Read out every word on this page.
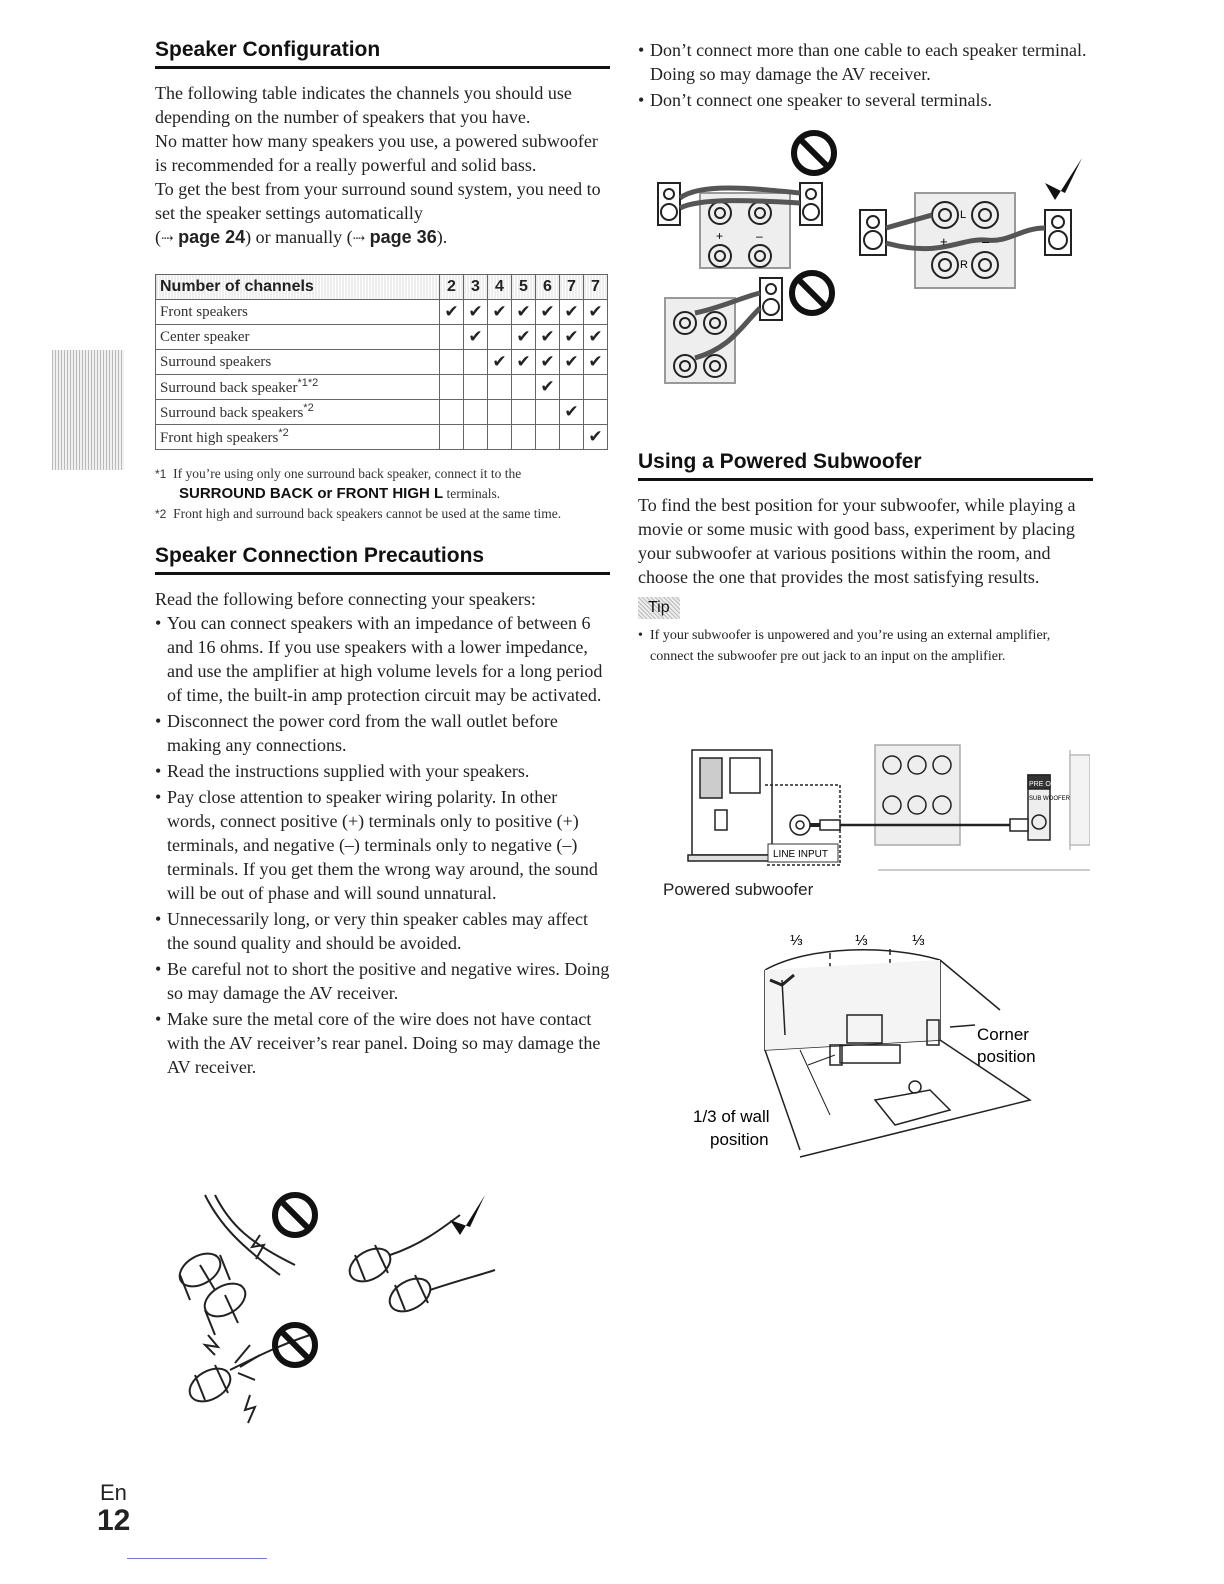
Speaker Configuration

The following table indicates the channels you should use depending on the number of speakers that you have.

No matter how many speakers you use, a powered subwoofer is recommended for a really powerful and solid bass.

To get the best from your surround sound system, you need to set the speaker settings automatically
(⇢ page 24) or manually (⇢ page 36).

Number of channels	2	3	4	5	6	7	7
Front speakers	✔	✔	✔	✔	✔	✔	✔
Center speaker		✔		✔	✔	✔	✔
Surround speakers			✔	✔	✔	✔	✔
Surround back speaker$^{*1*2}$					✔		
Surround back speakers$^{*2}$						✔	
Front high speakers$^{*2}$							✔
*1 If you’re using only one surround back speaker, connect it to the SURROUND BACK or FRONT HIGH L terminals.
*2 Front high and surround back speakers cannot be used at the same time.
Speaker Connection Precautions

Read the following before connecting your speakers:

• You can connect speakers with an impedance of between 6 and 16 ohms. If you use speakers with a lower impedance, and use the amplifier at high volume levels for a long period of time, the built-in amp protection circuit may be activated.
• Disconnect the power cord from the wall outlet before making any connections.
• Read the instructions supplied with your speakers.
• Pay close attention to speaker wiring polarity. In other words, connect positive (+) terminals only to positive (+) terminals, and negative (–) terminals only to negative (–) terminals. If you get them the wrong way around, the sound will be out of phase and will sound unnatural.
• Unnecessarily long, or very thin speaker cables may affect the sound quality and should be avoided.
• Be careful not to short the positive and negative wires. Doing so may damage the AV receiver.
• Make sure the metal core of the wire does not have contact with the AV receiver’s rear panel. Doing so may damage the AV receiver.
• Don’t connect more than one cable to each speaker terminal. Doing so may damage the AV receiver.
• Don’t connect one speaker to several terminals.
+	–
L
R
+	–
Using a Powered Subwoofer

To find the best position for your subwoofer, while playing a movie or some music with good bass, experiment by placing your subwoofer at various positions within the room, and choose the one that provides the most satisfying results.

Tip
• If your subwoofer is unpowered and you’re using an external amplifier, connect the subwoofer pre out jack to an input on the amplifier.
PRE OUT
SUB WOOFER
LINE INPUT
Powered subwoofer
⅓	⅓	⅓
Corner
position
1/3 of wall
position
En
12
